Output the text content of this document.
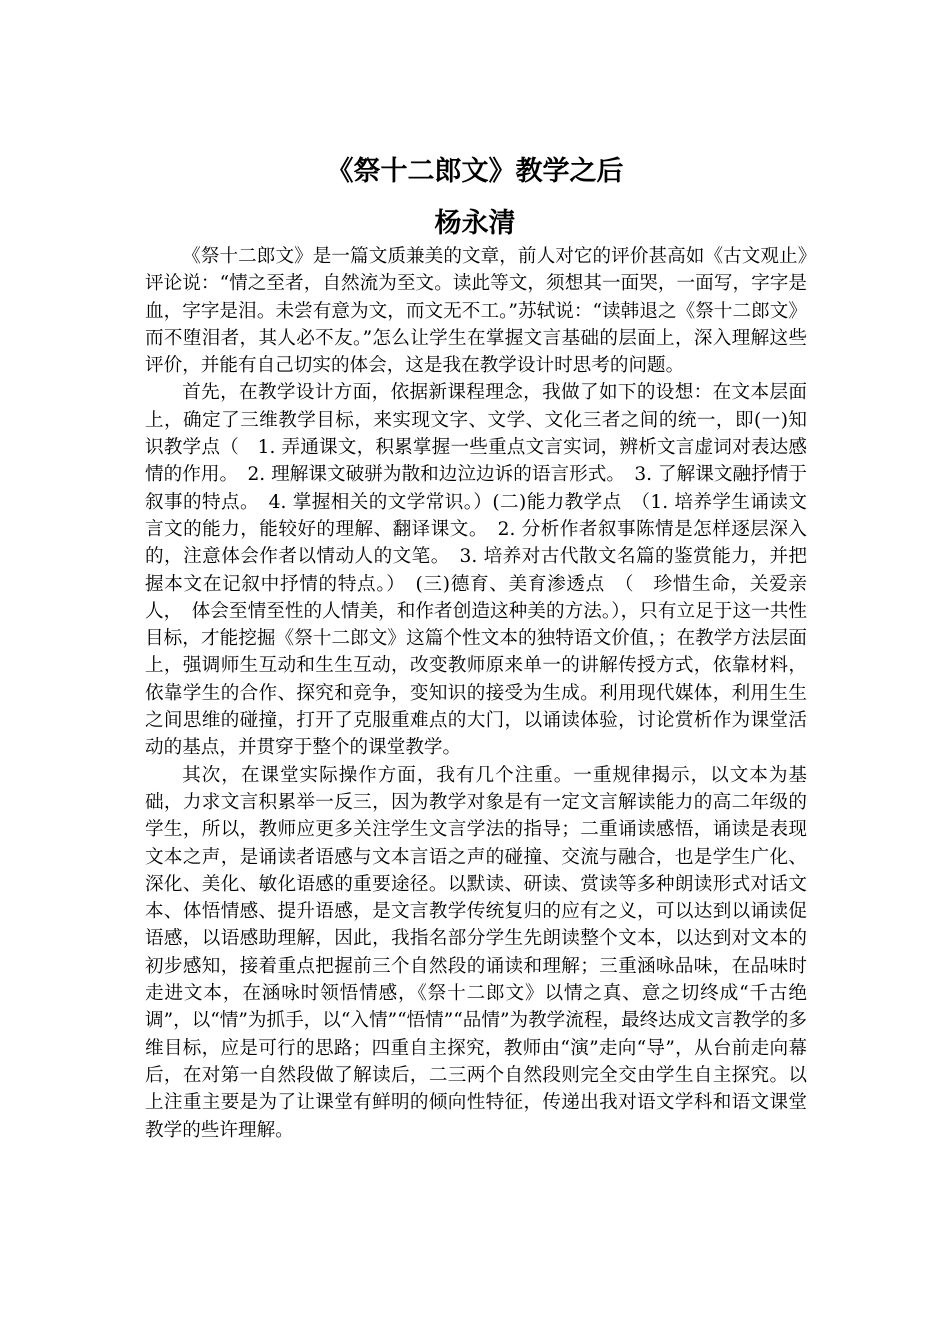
《祭十二郎文》教学之后
杨永清

《祭十二郎文》是一篇文质兼美的文章，前人对它的评价甚高如《古文观止》评论说：“情之至者，自然流为至文。读此等文，须想其一面哭，一面写，字字是血，字字是泪。未尝有意为文，而文无不工。”苏轼说：“读韩退之《祭十二郎文》而不堕泪者，其人必不友。”怎么让学生在掌握文言基础的层面上，深入理解这些评价，并能有自己切实的体会，这是我在教学设计时思考的问题。

首先，在教学设计方面，依据新课程理念，我做了如下的设想：在文本层面上，确定了三维教学目标，来实现文字、文学、文化三者之间的统一，即(一)知识教学点（　1. 弄通课文，积累掌握一些重点文言实词，辨析文言虚词对表达感情的作用。　2. 理解课文破骈为散和边泣边诉的语言形式。　3. 了解课文融抒情于叙事的特点。　4. 掌握相关的文学常识。）(二)能力教学点　（1. 培养学生诵读文言文的能力，能较好的理解、翻译课文。　2. 分析作者叙事陈情是怎样逐层深入的，注意体会作者以情动人的文笔。　3. 培养对古代散文名篇的鉴赏能力，并把握本文在记叙中抒情的特点。）　(三)德育、美育渗透点　（　珍惜生命，关爱亲人，　体会至情至性的人情美，和作者创造这种美的方法。），只有立足于这一共性目标，才能挖掘《祭十二郎文》这篇个性文本的独特语文价值，；在教学方法层面上，强调师生互动和生生互动，改变教师原来单一的讲解传授方式，依靠材料，依靠学生的合作、探究和竞争，变知识的接受为生成。利用现代媒体，利用生生之间思维的碰撞，打开了克服重难点的大门，以诵读体验，讨论赏析作为课堂活动的基点，并贯穿于整个的课堂教学。

其次，在课堂实际操作方面，我有几个注重。一重规律揭示，以文本为基础，力求文言积累举一反三，因为教学对象是有一定文言解读能力的高二年级的学生，所以，教师应更多关注学生文言学法的指导；二重诵读感悟，诵读是表现文本之声，是诵读者语感与文本言语之声的碰撞、交流与融合，也是学生广化、深化、美化、敏化语感的重要途径。以默读、研读、赏读等多种朗读形式对话文本、体悟情感、提升语感，是文言教学传统复归的应有之义，可以达到以诵读促语感，以语感助理解，因此，我指名部分学生先朗读整个文本，以达到对文本的初步感知，接着重点把握前三个自然段的诵读和理解；三重涵咏品味，在品味时走进文本，在涵咏时领悟情感，《祭十二郎文》以情之真、意之切终成“千古绝调”，以“情”为抓手，以“入情”“悟情”“品情”为教学流程，最终达成文言教学的多维目标，应是可行的思路；四重自主探究，教师由“演”走向“导”，从台前走向幕后，在对第一自然段做了解读后，二三两个自然段则完全交由学生自主探究。以上注重主要是为了让课堂有鲜明的倾向性特征，传递出我对语文学科和语文课堂教学的些许理解。
